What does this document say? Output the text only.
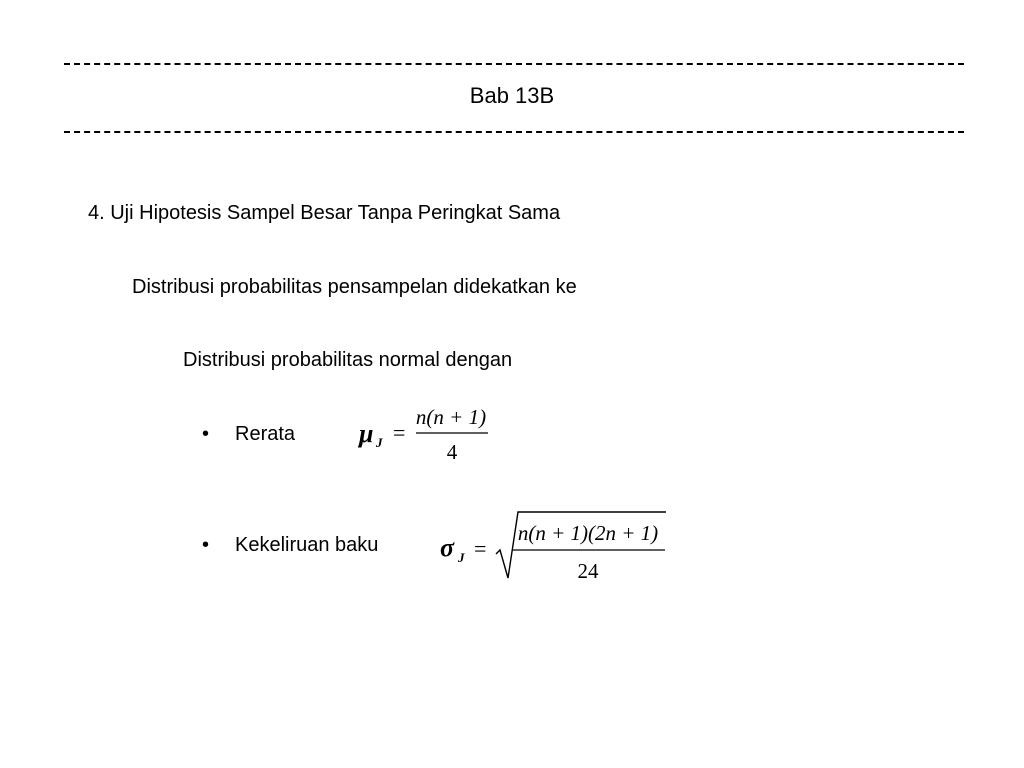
Bab 13B
4. Uji Hipotesis Sampel Besar Tanpa Peringkat Sama
Distribusi probabilitas pensampelan didekatkan ke
Distribusi probabilitas normal dengan
• Rerata μ J =
n(n + 1)
4
• Kekeliruan baku σ J =
n(n + 1)(2n + 1)
24
